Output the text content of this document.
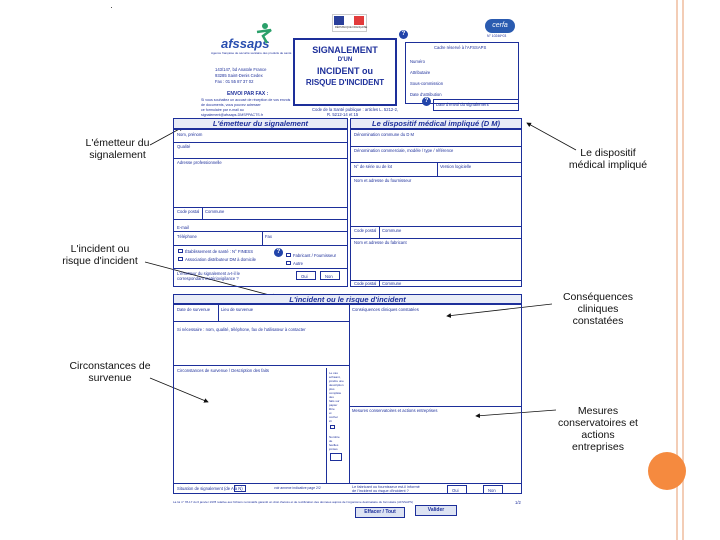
·
L'émetteur du signalement	Le dispositif médical impliqué
L'incident ou risque d'incident
Conséquences cliniques constatées
Circonstances de survenue
Mesures conservatoires et actions entreprises
afssaps
Agence française de sécurité sanitaire des produits de santé
143/147, bd Anatole France
93285 Saint-Denis Cedex
Fax : 01 55 87 37 02
ENVOI PAR FAX :
Si vous souhaitez un accusé de réception de vos envois
de documents, vous pouvez adresser
ce formulaire par e-mail au
signalement@afssaps-DMSPPACTS.fr
RÉPUBLIQUE FRANÇAISE
SIGNALEMENT
D'UN
INCIDENT ou
RISQUE D'INCIDENT
?
cerfa
N° 10246*03
Cadre réservé à l'AFSSAPS
Numéro
Attributaire
Sous-commission
Date d'attribution
?
Date d'envoi du signalement
Code de la Santé publique : articles L. 5212-2,
R. 5212-14 et 15
L'émetteur du signalement
Nom, prénom
Qualité
Adresse professionnelle
Code postal Commune
E-mail
Téléphone	Fax
Établissement de santé : N° FINESS
Association distributeur DM à domicile
Fabricant / Fournisseur
Autre
?
L'émetteur du signalement a-t-il le
correspondant matériovigilance ?	Oui	Non
Le dispositif médical impliqué (D M)
Dénomination commune du D M
Dénomination commerciale, modèle / type / référence
N° de série ou de lot	Version logicielle
Nom et adresse du fournisseur
Code postal Commune
Nom et adresse du fabricant
Code postal Commune
L'incident ou le risque d'incident
Date de survenue	Lieu de survenue
Si nécessaire : nom, qualité, téléphone, fax de l'utilisateur à contacter
Circonstances de survenue / Description des faits
Conséquences cliniques constatées
Mesures conservatoires et actions entreprises
Le cas
échéant,
joindre une
description
plus
complète
des
faits sur
papier
libre
et
cocher
ici
Nombre
de
feuilles
jointes
Situation de signalement (de A à N)	voir annexe indicative page 2/2	Le fabricant ou fournisseur est-il informé
de l'incident ou risque d'incident ?	Oui	Non
La loi n° 78-17 du 6 janvier 1978 relative aux fichiers nominatifs garantit un droit d'accès et de rectification des données auprès de l'organisme destinataire du formulaire (AFSSAPS)	1/2
Effacer / Tout	Valider
